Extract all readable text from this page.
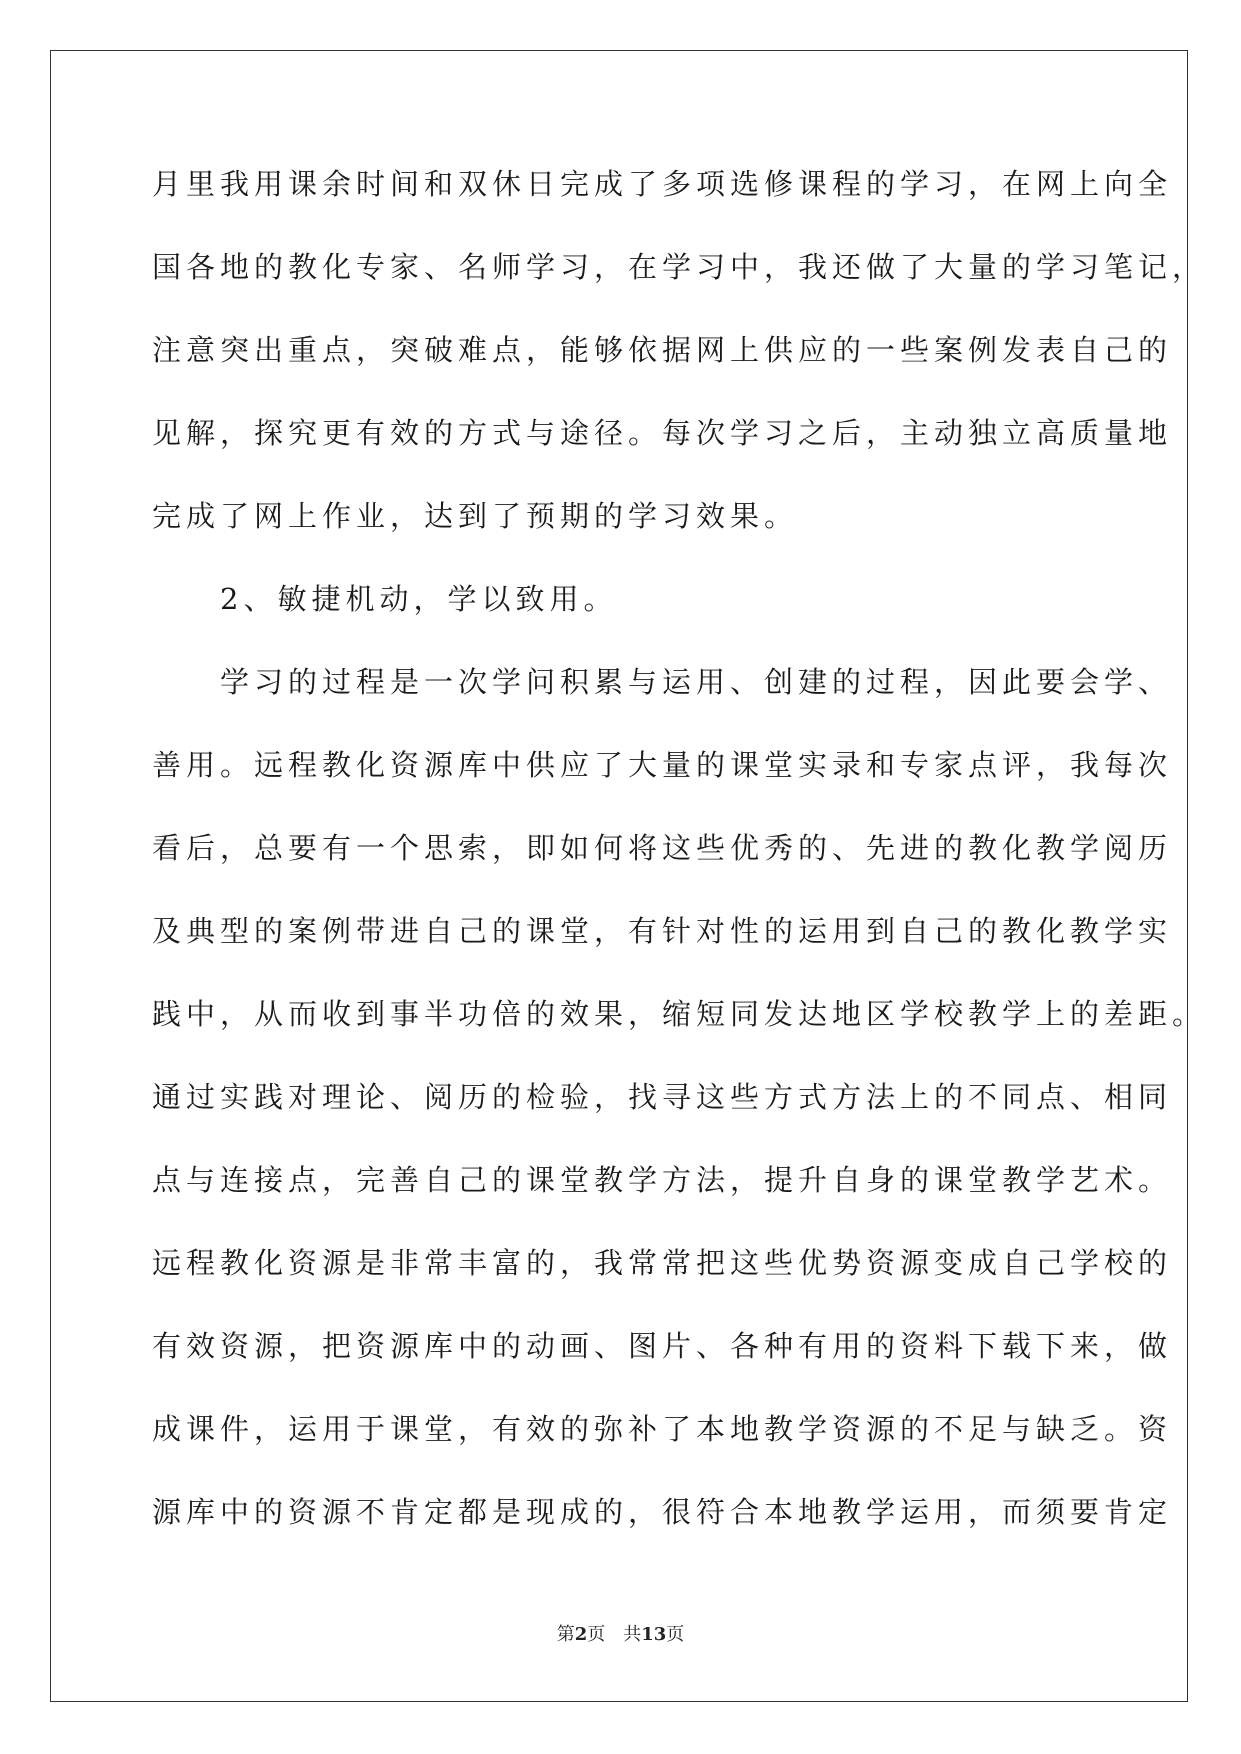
月里我用课余时间和双休日完成了多项选修课程的学习，在网上向全
国各地的教化专家、名师学习，在学习中，我还做了大量的学习笔记，
注意突出重点，突破难点，能够依据网上供应的一些案例发表自己的
见解，探究更有效的方式与途径。每次学习之后，主动独立高质量地
完成了网上作业，达到了预期的学习效果。
　　2、敏捷机动，学以致用。
　　学习的过程是一次学问积累与运用、创建的过程，因此要会学、
善用。远程教化资源库中供应了大量的课堂实录和专家点评，我每次
看后，总要有一个思索，即如何将这些优秀的、先进的教化教学阅历
及典型的案例带进自己的课堂，有针对性的运用到自己的教化教学实
践中，从而收到事半功倍的效果，缩短同发达地区学校教学上的差距。
通过实践对理论、阅历的检验，找寻这些方式方法上的不同点、相同
点与连接点，完善自己的课堂教学方法，提升自身的课堂教学艺术。
远程教化资源是非常丰富的，我常常把这些优势资源变成自己学校的
有效资源，把资源库中的动画、图片、各种有用的资料下载下来，做
成课件，运用于课堂，有效的弥补了本地教学资源的不足与缺乏。资
源库中的资源不肯定都是现成的，很符合本地教学运用，而须要肯定
第2页　共13页
